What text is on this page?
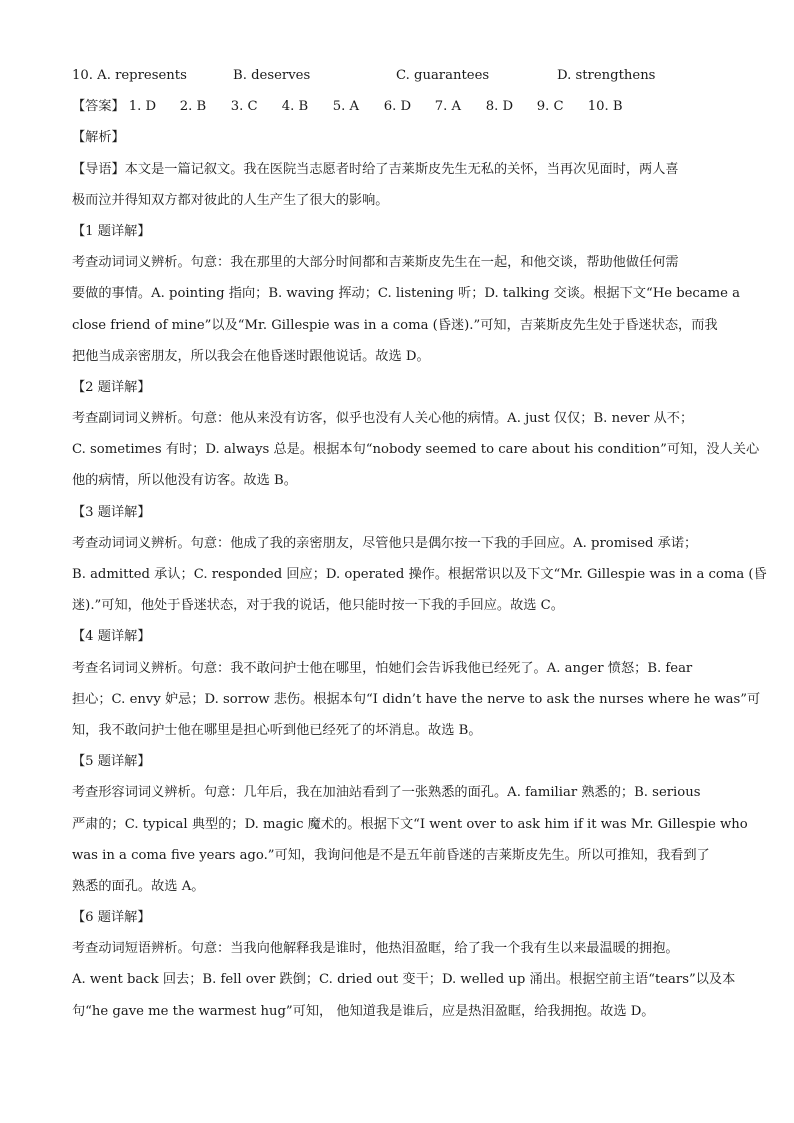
10. A. represents	B. deserves	C. guarantees	D. strengthens
【答案】 1. D	2. B	3. C	4. B	5. A	6. D	7. A	8. D	9. C	10. B
【解析】
【导语】本文是一篇记叙文。我在医院当志愿者时给了吉莱斯皮先生无私的关怀，当再次见面时，两人喜
极而泣并得知双方都对彼此的人生产生了很大的影响。
【1 题详解】
考查动词词义辨析。句意：我在那里的大部分时间都和吉莱斯皮先生在一起，和他交谈，帮助他做任何需
要做的事情。A. pointing 指向；B. waving 挥动；C. listening 听；D. talking 交谈。根据下文“He became a
close friend of mine”以及“Mr. Gillespie was in a coma (昏迷).”可知，吉莱斯皮先生处于昏迷状态，而我
把他当成亲密朋友，所以我会在他昏迷时跟他说话。故选 D。
【2 题详解】
考查副词词义辨析。句意：他从来没有访客，似乎也没有人关心他的病情。A. just 仅仅；B. never 从不；
C. sometimes 有时；D. always 总是。根据本句“nobody seemed to care about his condition”可知，没人关心
他的病情，所以他没有访客。故选 B。
【3 题详解】
考查动词词义辨析。句意：他成了我的亲密朋友，尽管他只是偶尔按一下我的手回应。A. promised 承诺；
B. admitted 承认；C. responded 回应；D. operated 操作。根据常识以及下文“Mr. Gillespie was in a coma (昏
迷).”可知，他处于昏迷状态，对于我的说话，他只能时按一下我的手回应。故选 C。
【4 题详解】
考查名词词义辨析。句意：我不敢问护士他在哪里，怕她们会告诉我他已经死了。A. anger 愤怒；B. fear
担心；C. envy 妒忌；D. sorrow 悲伤。根据本句“I didn’t have the nerve to ask the nurses where he was”可
知，我不敢问护士他在哪里是担心听到他已经死了的坏消息。故选 B。
【5 题详解】
考查形容词词义辨析。句意：几年后，我在加油站看到了一张熟悉的面孔。A. familiar 熟悉的；B. serious
严肃的；C. typical 典型的；D. magic 魔术的。根据下文“I went over to ask him if it was Mr. Gillespie who
was in a coma five years ago.”可知，我询问他是不是五年前昏迷的吉莱斯皮先生。所以可推知，我看到了
熟悉的面孔。故选 A。
【6 题详解】
考查动词短语辨析。句意：当我向他解释我是谁时，他热泪盈眶，给了我一个我有生以来最温暖的拥抱。
A. went back 回去；B. fell over 跌倒；C. dried out 变干；D. welled up 涌出。根据空前主语“tears”以及本
句“he gave me the warmest hug”可知， 他知道我是谁后，应是热泪盈眶，给我拥抱。故选 D。
